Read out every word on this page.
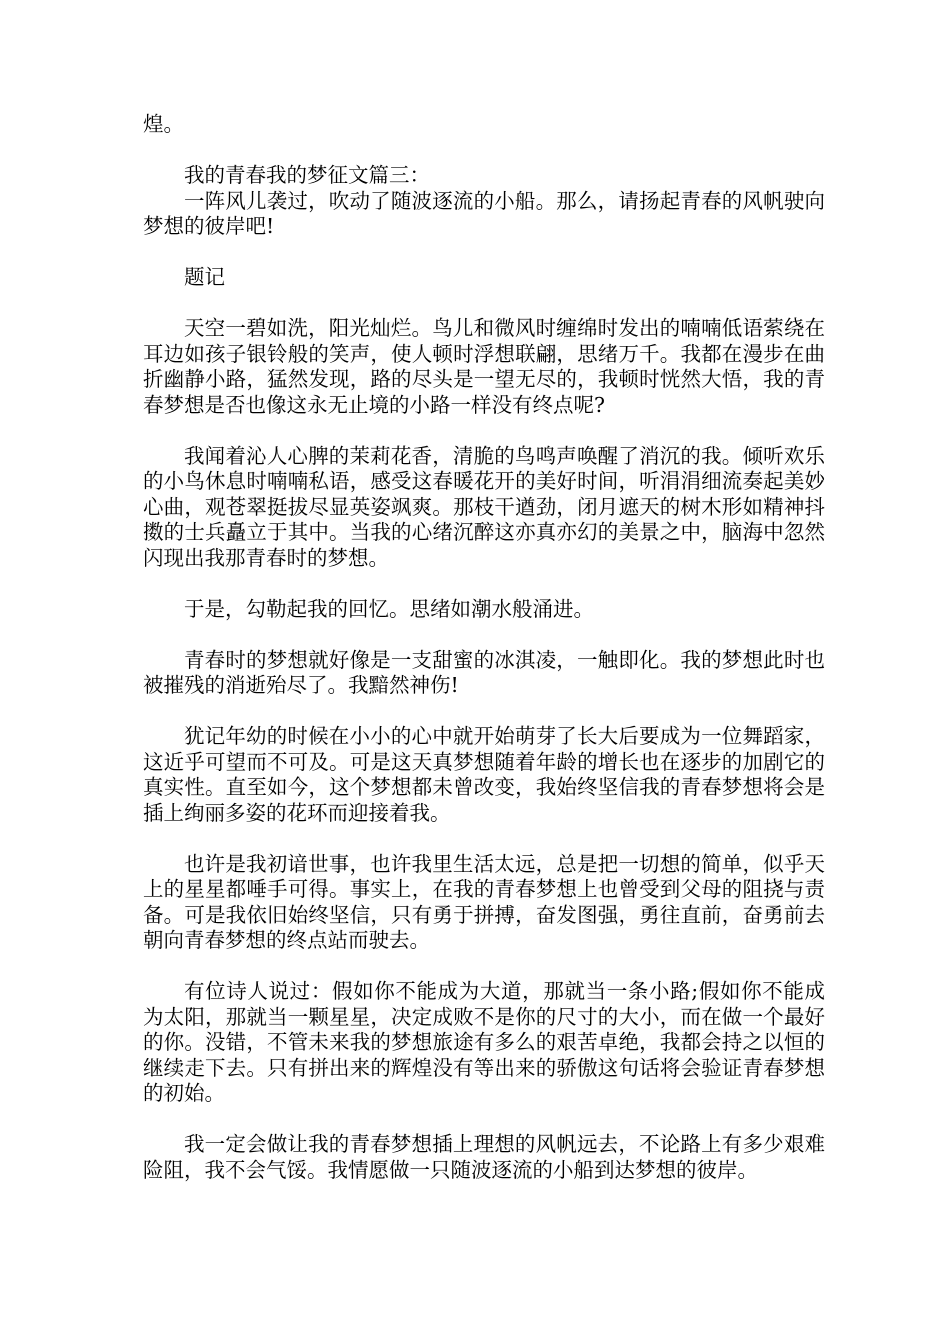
煌。

我的青春我的梦征文篇三：

一阵风儿袭过，吹动了随波逐流的小船。那么，请扬起青春的风帆驶向梦想的彼岸吧!

题记

天空一碧如洗，阳光灿烂。鸟儿和微风时缠绵时发出的喃喃低语萦绕在耳边如孩子银铃般的笑声，使人顿时浮想联翩，思绪万千。我都在漫步在曲折幽静小路，猛然发现，路的尽头是一望无尽的，我顿时恍然大悟，我的青春梦想是否也像这永无止境的小路一样没有终点呢?

我闻着沁人心脾的茉莉花香，清脆的鸟鸣声唤醒了消沉的我。倾听欢乐的小鸟休息时喃喃私语，感受这春暖花开的美好时间，听涓涓细流奏起美妙心曲，观苍翠挺拔尽显英姿飒爽。那枝干遒劲，闭月遮天的树木形如精神抖擞的士兵矗立于其中。当我的心绪沉醉这亦真亦幻的美景之中，脑海中忽然闪现出我那青春时的梦想。

于是，勾勒起我的回忆。思绪如潮水般涌进。

青春时的梦想就好像是一支甜蜜的冰淇凌，一触即化。我的梦想此时也被摧残的消逝殆尽了。我黯然神伤!

犹记年幼的时候在小小的心中就开始萌芽了长大后要成为一位舞蹈家，这近乎可望而不可及。可是这天真梦想随着年龄的增长也在逐步的加剧它的真实性。直至如今，这个梦想都未曾改变，我始终坚信我的青春梦想将会是插上绚丽多姿的花环而迎接着我。

也许是我初谙世事，也许我里生活太远，总是把一切想的简单，似乎天上的星星都唾手可得。事实上，在我的青春梦想上也曾受到父母的阻挠与责备。可是我依旧始终坚信，只有勇于拼搏，奋发图强，勇往直前，奋勇前去朝向青春梦想的终点站而驶去。

有位诗人说过：假如你不能成为大道，那就当一条小路;假如你不能成为太阳，那就当一颗星星，决定成败不是你的尺寸的大小，而在做一个最好的你。没错，不管未来我的梦想旅途有多么的艰苦卓绝，我都会持之以恒的继续走下去。只有拼出来的辉煌没有等出来的骄傲这句话将会验证青春梦想的初始。

我一定会做让我的青春梦想插上理想的风帆远去，不论路上有多少艰难险阻，我不会气馁。我情愿做一只随波逐流的小船到达梦想的彼岸。
